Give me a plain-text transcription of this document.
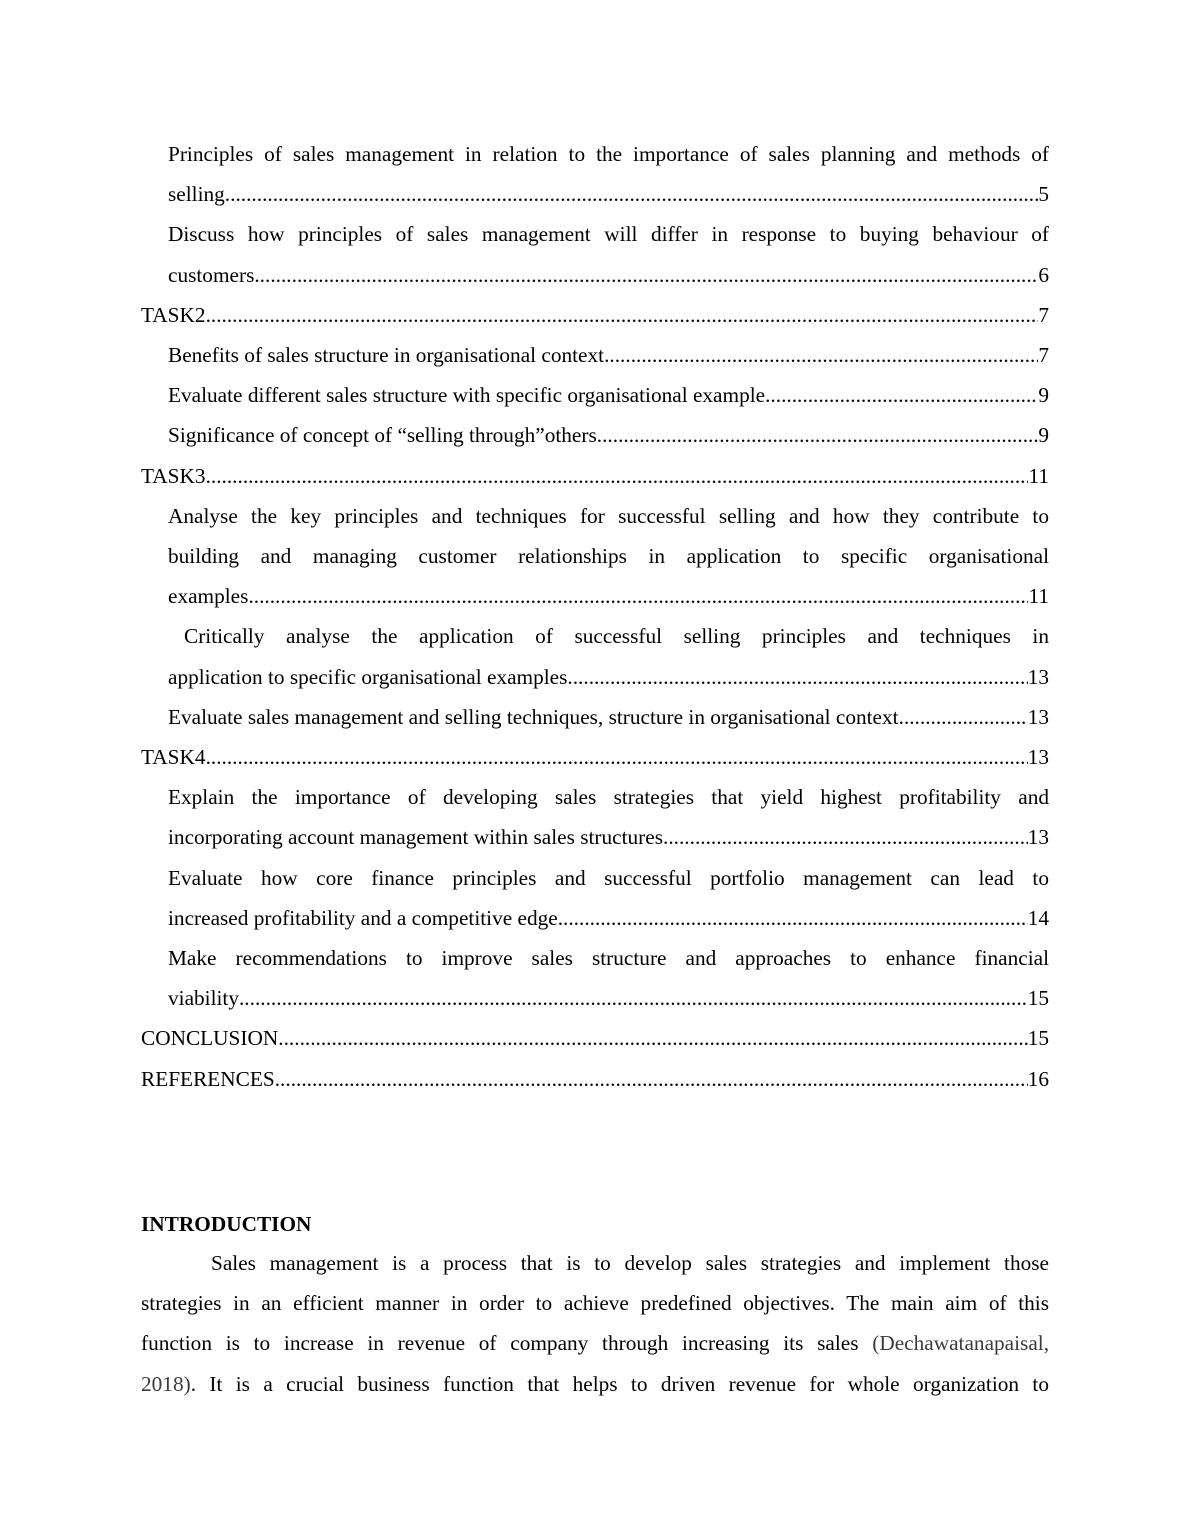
Principles of sales management in relation to the importance of sales planning and methods of
selling .....	5
Discuss how principles of sales management will differ in response to buying behaviour of
customers .....	6
TASK2 .....	7
Benefits of sales structure in organisational context .....	7
Evaluate different sales structure with specific organisational example .....	9
Significance of concept of “selling through”others .....	9
TASK3 .....	11
Analyse the key principles and techniques for successful selling and how they contribute to
building and managing customer relationships in application to specific organisational
examples .....	11
Critically analyse the application of successful selling principles and techniques in
application to specific organisational examples .....	13
Evaluate sales management and selling techniques, structure in organisational context .....	13
TASK4 .....	13
Explain the importance of developing sales strategies that yield highest profitability and
incorporating account management within sales structures .....	13
Evaluate how core finance principles and successful portfolio management can lead to
increased profitability and a competitive edge .....	14
Make recommendations to improve sales structure and approaches to enhance financial
viability .....	15
CONCLUSION .....	15
REFERENCES .....	16
INTRODUCTION
Sales management is a process that is to develop sales strategies and implement those
strategies in an efficient manner in order to achieve predefined objectives. The main aim of this
function is to increase in revenue of company through increasing its sales (Dechawatanapaisal,
2018). It is a crucial business function that helps to driven revenue for whole organization to
